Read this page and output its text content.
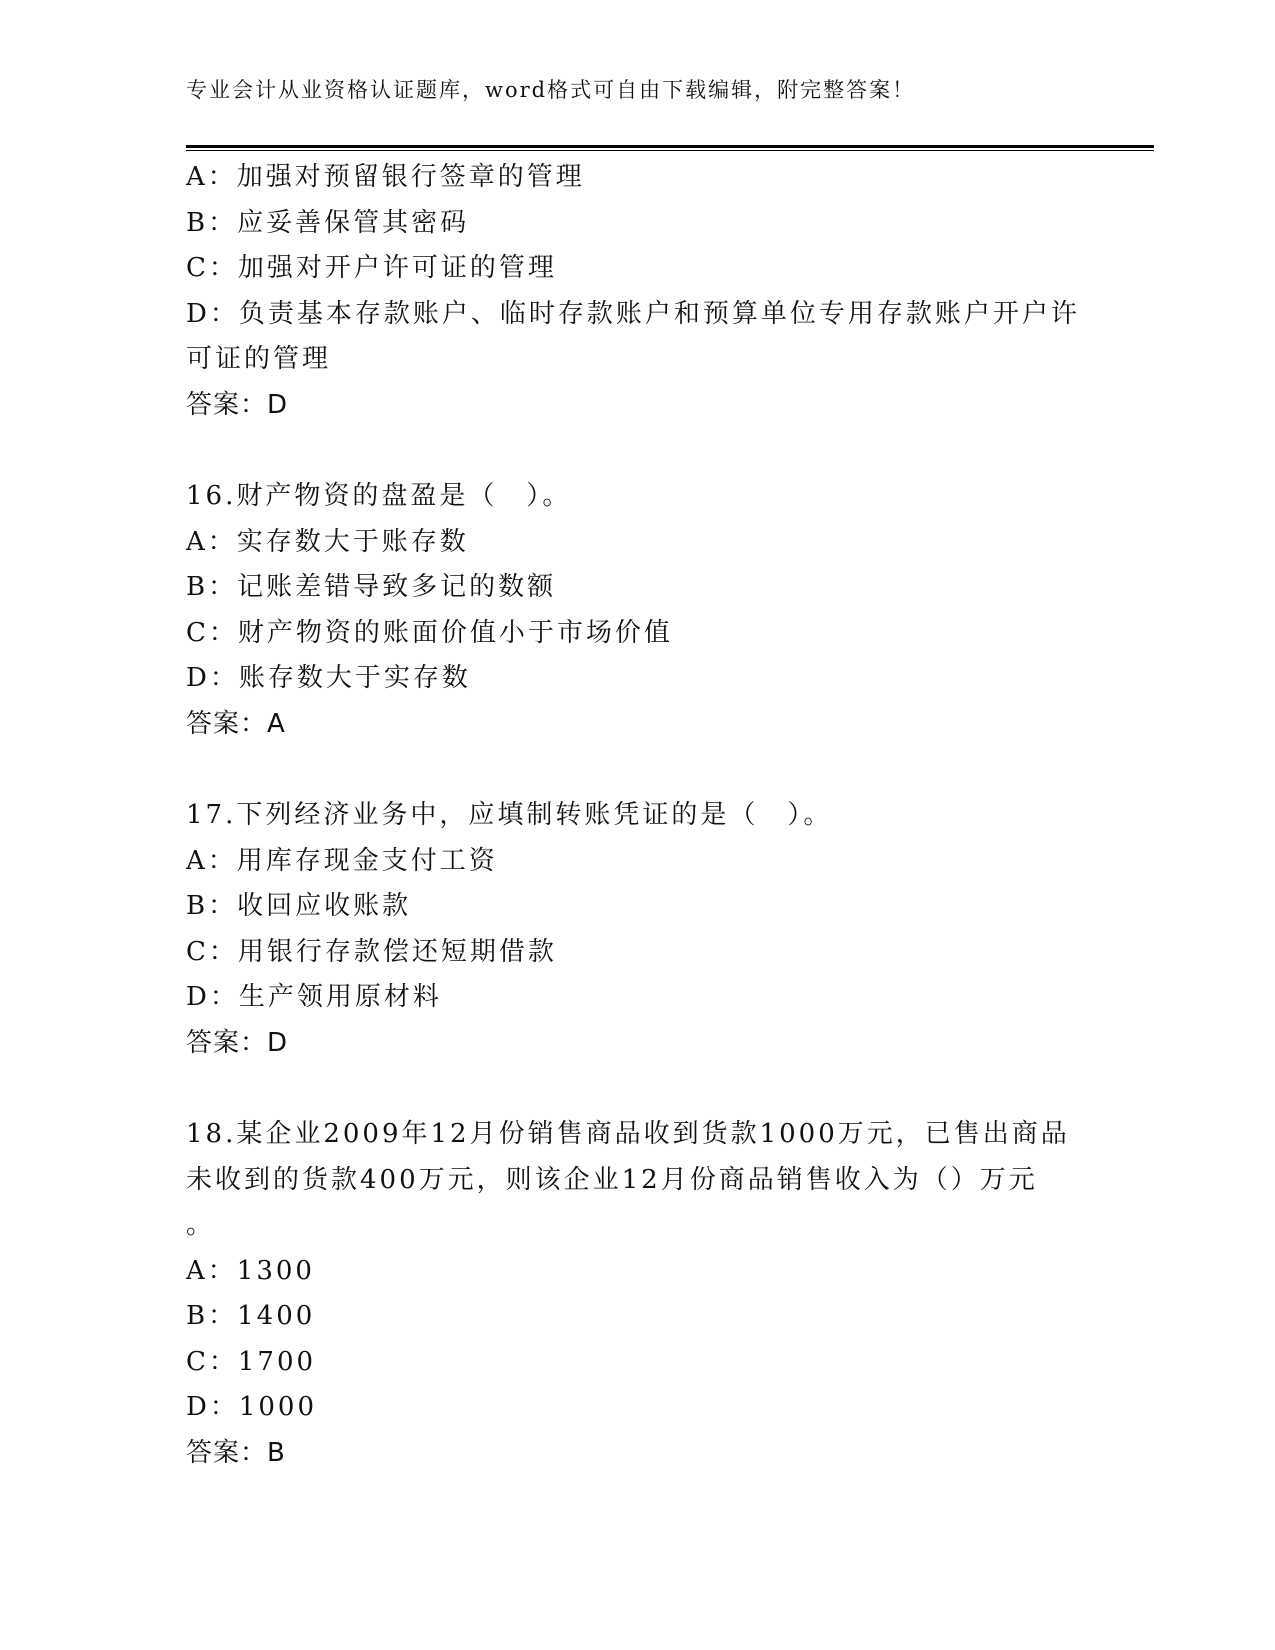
专业会计从业资格认证题库，word格式可自由下载编辑，附完整答案！
A：加强对预留银行签章的管理
B：应妥善保管其密码
C：加强对开户许可证的管理
D：负责基本存款账户、临时存款账户和预算单位专用存款账户开户许
可证的管理
答案：D
16.财产物资的盘盈是（　）。
A：实存数大于账存数
B：记账差错导致多记的数额
C：财产物资的账面价值小于市场价值
D：账存数大于实存数
答案：A
17.下列经济业务中，应填制转账凭证的是（　）。
A：用库存现金支付工资
B：收回应收账款
C：用银行存款偿还短期借款
D：生产领用原材料
答案：D
18.某企业2009年12月份销售商品收到货款1000万元，已售出商品
未收到的货款400万元，则该企业12月份商品销售收入为（）万元
。
A：1300
B：1400
C：1700
D：1000
答案：B
